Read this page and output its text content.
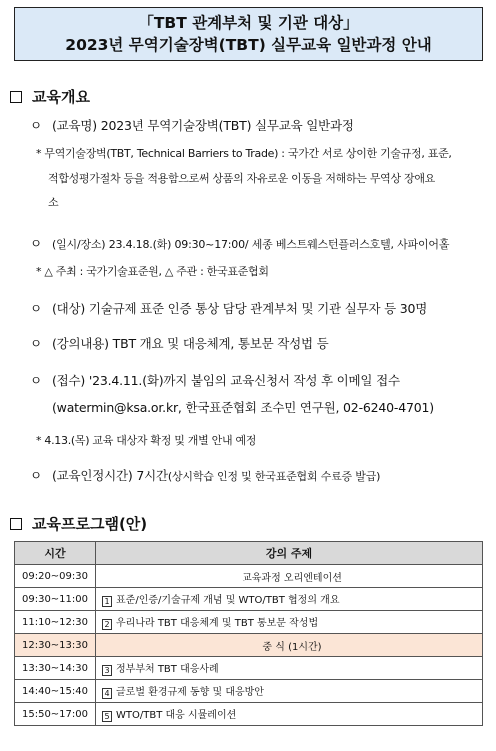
「TBT 관계부처 및 기관 대상」
2023년 무역기술장벽(TBT) 실무교육 일반과정 안내
교육개요
ㅇ (교육명) 2023년 무역기술장벽(TBT) 실무교육 일반과정
* 무역기술장벽(TBT, Technical Barriers to Trade) : 국가간 서로 상이한 기술규정, 표준,
적합성평가절차 등을 적용함으로써 상품의 자유로운 이동을 저해하는 무역상 장애요
소
ㅇ (일시/장소) 23.4.18.(화) 09:30~17:00/ 세종 베스트웨스턴플러스호텔, 사파이어홀
* △ 주최 : 국가기술표준원, △ 주관 : 한국표준협회
ㅇ (대상) 기술규제 표준 인증 통상 담당 관계부처 및 기관 실무자 등 30명
ㅇ (강의내용) TBT 개요 및 대응체계, 통보문 작성법 등
ㅇ (접수) '23.4.11.(화)까지 붙임의 교육신청서 작성 후 이메일 접수
(watermin@ksa.or.kr, 한국표준협회 조수민 연구원, 02-6240-4701)
* 4.13.(목) 교육 대상자 확정 및 개별 안내 예정
ㅇ (교육인정시간) 7시간(상시학습 인정 및 한국표준협회 수료증 발급)
교육프로그램(안)
시간	강의 주제
09:20~09:30	교육과정 오리엔테이션
09:30~11:00	1 표준/인증/기술규제 개념 및 WTO/TBT 협정의 개요
11:10~12:30	2 우리나라 TBT 대응체계 및 TBT 통보문 작성법
12:30~13:30	중 식 (1시간)
13:30~14:30	3 정부부처 TBT 대응사례
14:40~15:40	4 글로벌 환경규제 동향 및 대응방안
15:50~17:00	5 WTO/TBT 대응 시뮬레이션
